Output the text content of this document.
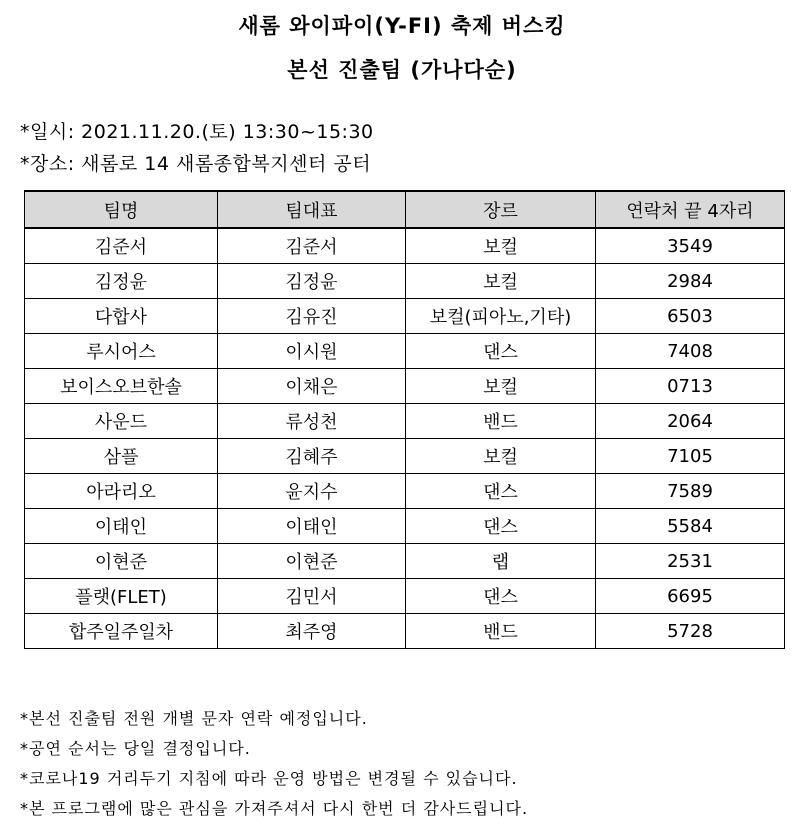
새롬 와이파이(Y-FI) 축제 버스킹
본선 진출팀 (가나다순)
*일시: 2021.11.20.(토) 13:30~15:30
*장소: 새롬로 14 새롬종합복지센터 공터
팀명	팀대표	장르	연락처 끝 4자리
김준서	김준서	보컬	3549
김정윤	김정윤	보컬	2984
다합사	김유진	보컬(피아노,기타)	6503
루시어스	이시원	댄스	7408
보이스오브한솔	이채은	보컬	0713
사운드	류성천	밴드	2064
삼플	김혜주	보컬	7105
아라리오	윤지수	댄스	7589
이태인	이태인	댄스	5584
이현준	이현준	랩	2531
플랫(FLET)	김민서	댄스	6695
합주일주일차	최주영	밴드	5728
*본선 진출팀 전원 개별 문자 연락 예정입니다.
*공연 순서는 당일 결정입니다.
*코로나19 거리두기 지침에 따라 운영 방법은 변경될 수 있습니다.
*본 프로그램에 많은 관심을 가져주셔서 다시 한번 더 감사드립니다.
